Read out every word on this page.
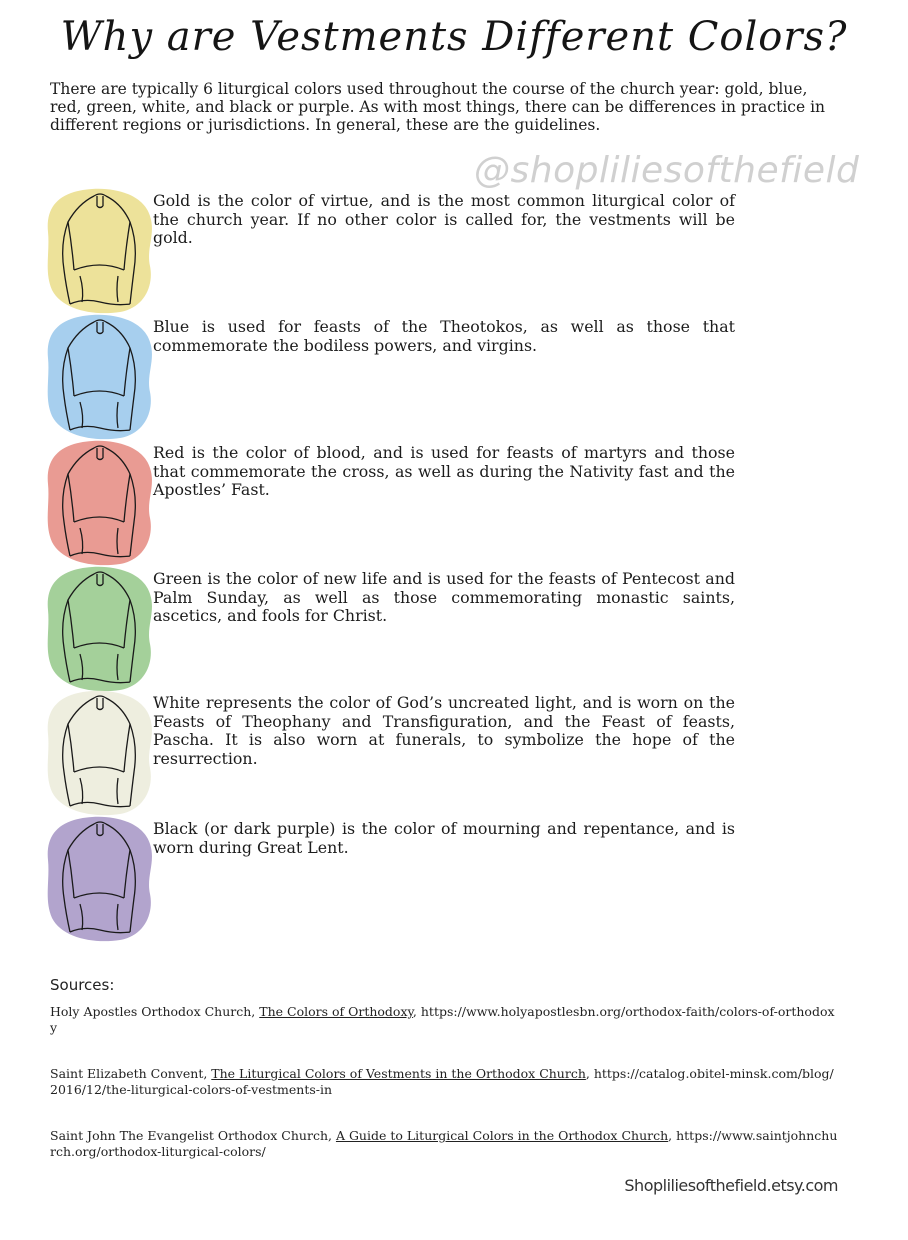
Why are Vestments Different Colors?
There are typically 6 liturgical colors used throughout the course of the church year: gold, blue, red, green, white, and black or purple. As with most things, there can be differences in practice in different regions or jurisdictions. In general, these are the guidelines.
@shopliliesofthefield
Gold is the color of virtue, and is the most common liturgical color of the church year. If no other color is called for, the vestments will be gold.
Blue is used for feasts of the Theotokos, as well as those that commemorate the bodiless powers, and virgins.
Red is the color of blood, and is used for feasts of martyrs and those that commemorate the cross, as well as during the Nativity fast and the Apostles’ Fast.
Green is the color of new life and is used for the feasts of Pentecost and Palm Sunday, as well as those commemorating monastic saints, ascetics, and fools for Christ.
White represents the color of God’s uncreated light, and is worn on the Feasts of Theophany and Transfiguration, and the Feast of feasts, Pascha. It is also worn at funerals, to symbolize the hope of the resurrection.
Black (or dark purple) is the color of mourning and repentance, and is worn during Great Lent.
Sources:
Holy Apostles Orthodox Church, The Colors of Orthodoxy, https://www.holyapostlesbn.org/orthodox-faith/colors-of-orthodoxy
Saint Elizabeth Convent, The Liturgical Colors of Vestments in the Orthodox Church, https://catalog.obitel-minsk.com/blog/2016/12/the-liturgical-colors-of-vestments-in
Saint John The Evangelist Orthodox Church, A Guide to Liturgical Colors in the Orthodox Church, https://www.saintjohnchurch.org/orthodox-liturgical-colors/
Shopliliesofthefield.etsy.com
